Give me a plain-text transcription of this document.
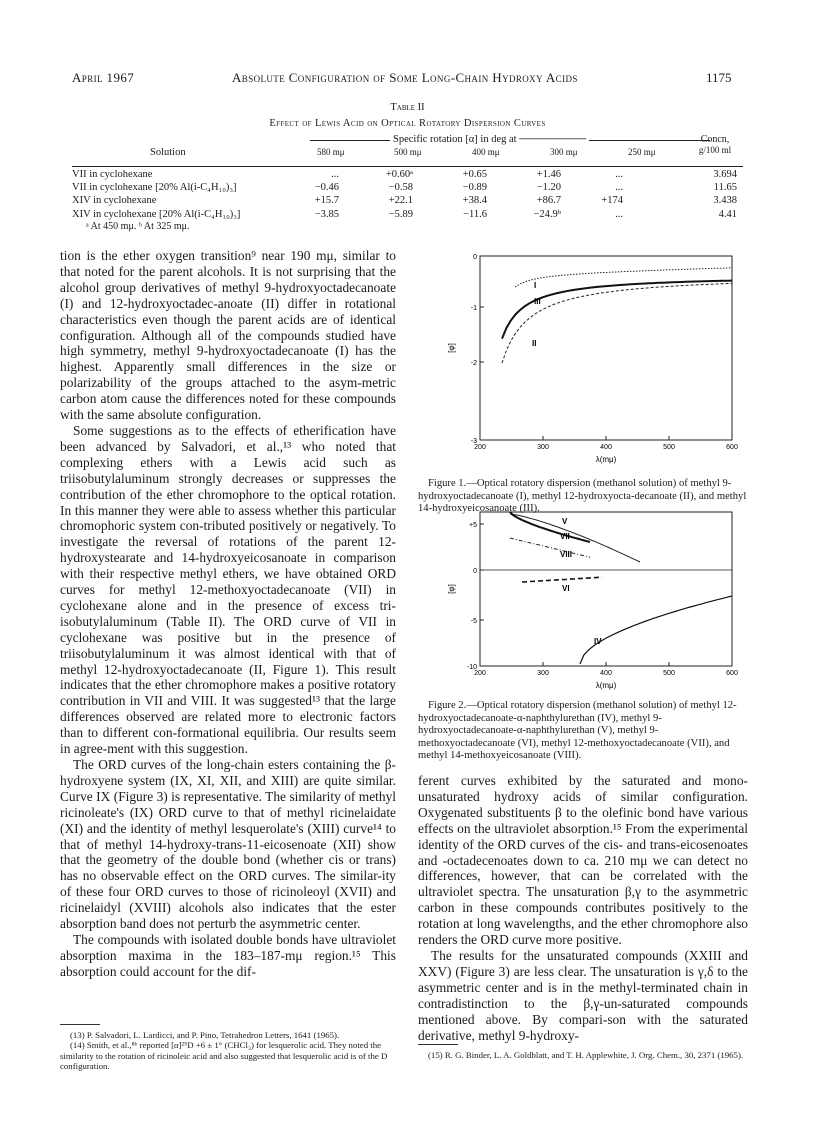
April 1967	Absolute Configuration of Some Long-Chain Hydroxy Acids	1175
Table II
Effect of Lewis Acid on Optical Rotatory Dispersion Curves
Specific rotation [α] in deg at ─────────
Solution	580 mμ	500 mμ	400 mμ	300 mμ	250 mμ
Concn,
g/100 ml
VII in cyclohexane	...	+0.60ᵃ	+0.65	+1.46	...	3.694
VII in cyclohexane [20% Al(i-C₄H₁₀)₃]	−0.46	−0.58	−0.89	−1.20	...	11.65
XIV in cyclohexane	+15.7	+22.1	+38.4	+86.7	+174	3.438
XIV in cyclohexane [20% Al(i-C₄H₁₀)₃]	−3.85	−5.89	−11.6	−24.9ᵇ	...	4.41
ᵃ At 450 mμ. ᵇ At 325 mμ.

tion is the ether oxygen transition⁹ near 190 mμ, similar to that noted for the parent alcohols. It is not surprising that the alcohol group derivatives of methyl 9-hydroxyoctadecanoate (I) and 12-hydroxyoctadec-anoate (II) differ in rotational characteristics even though the parent acids are of identical configuration. Although all of the compounds studied have high symmetry, methyl 9-hydroxyoctadecanoate (I) has the highest. Apparently small differences in the size or polarizability of the groups attached to the asym-metric carbon atom cause the differences noted for these compounds with the same absolute configuration.

Some suggestions as to the effects of etherification have been advanced by Salvadori, et al.,¹³ who noted that complexing ethers with a Lewis acid such as triisobutylaluminum strongly decreases or suppresses the contribution of the ether chromophore to the optical rotation. In this manner they were able to assess whether this particular chromophoric system con-tributed positively or negatively. To investigate the reversal of rotations of the parent 12-hydroxystearate and 14-hydroxyeicosanoate in comparison with their respective methyl ethers, we have obtained ORD curves for methyl 12-methoxyoctadecanoate (VII) in cyclohexane alone and in the presence of excess tri-isobutylaluminum (Table II). The ORD curve of VII in cyclohexane was positive but in the presence of triisobutylaluminum it was almost identical with that of methyl 12-hydroxyoctadecanoate (II, Figure 1). This result indicates that the ether chromophore makes a positive rotatory contribution in VII and VIII. It was suggested¹³ that the large differences observed are related more to electronic factors than to different con-formational equilibria. Our results seem in agree-ment with this suggestion.

The ORD curves of the long-chain esters containing the β-hydroxyene system (IX, XI, XII, and XIII) are quite similar. Curve IX (Figure 3) is representative. The similarity of methyl ricinoleate's (IX) ORD curve to that of methyl ricinelaidate (XI) and the identity of methyl lesquerolate's (XIII) curve¹⁴ to that of methyl 14-hydroxy-trans-11-eicosenoate (XII) show that the geometry of the double bond (whether cis or trans) has no observable effect on the ORD curves. The similar-ity of these four ORD curves to those of ricinoleoyl (XVII) and ricinelaidyl (XVIII) alcohols also indicates that the ester absorption band does not perturb the asymmetric center.

The compounds with isolated double bonds have ultraviolet absorption maxima in the 183–187-mμ region.¹⁵ This absorption could account for the dif-

(13) P. Salvadori, L. Lardicci, and P. Pino, Tetrahedron Letters, 1641 (1965).

(14) Smith, et al.,⁸ᵇ reported [α]²⁵D +6 ± 1° (CHCl₃) for lesquerolic acid. They noted the similarity to the rotation of ricinoleic acid and also suggested that lesquerolic acid is of the D configuration.

200	300	400	500	600
0
-1
-2
-3
λ(mμ)
[φ]
I
III
II

Figure 1.—Optical rotatory dispersion (methanol solution) of methyl 9-hydroxyoctadecanoate (I), methyl 12-hydroxyocta-decanoate (II), and methyl 14-hydroxyeicosanoate (III).

200	300	400	500	600
+5
0
-5
-10
λ(mμ)
[φ]
V
VII
VIII
VI
IV

Figure 2.—Optical rotatory dispersion (methanol solution) of methyl 12-hydroxyoctadecanoate-α-naphthylurethan (IV), methyl 9-hydroxyoctadecanoate-α-naphthylurethan (V), methyl 9-methoxyoctadecanoate (VI), methyl 12-methoxyoctadecanoate (VII), and methyl 14-methoxyeicosanoate (VIII).

ferent curves exhibited by the saturated and mono-unsaturated hydroxy acids of similar configuration. Oxygenated substituents β to the olefinic bond have various effects on the ultraviolet absorption.¹⁵ From the experimental identity of the ORD curves of the cis- and trans-eicosenoates and -octadecenoates down to ca. 210 mμ we can detect no differences, however, that can be correlated with the ultraviolet spectra. The unsaturation β,γ to the asymmetric carbon in these compounds contributes positively to the rotation at long wavelengths, and the ether chromophore also renders the ORD curve more positive.

The results for the unsaturated compounds (XXIII and XXV) (Figure 3) are less clear. The unsaturation is γ,δ to the asymmetric center and is in the methyl-terminated chain in contradistinction to the β,γ-un-saturated compounds mentioned above. By compari-son with the saturated derivative, methyl 9-hydroxy-

(15) R. G. Binder, L. A. Goldblatt, and T. H. Applewhite, J. Org. Chem., 30, 2371 (1965).
